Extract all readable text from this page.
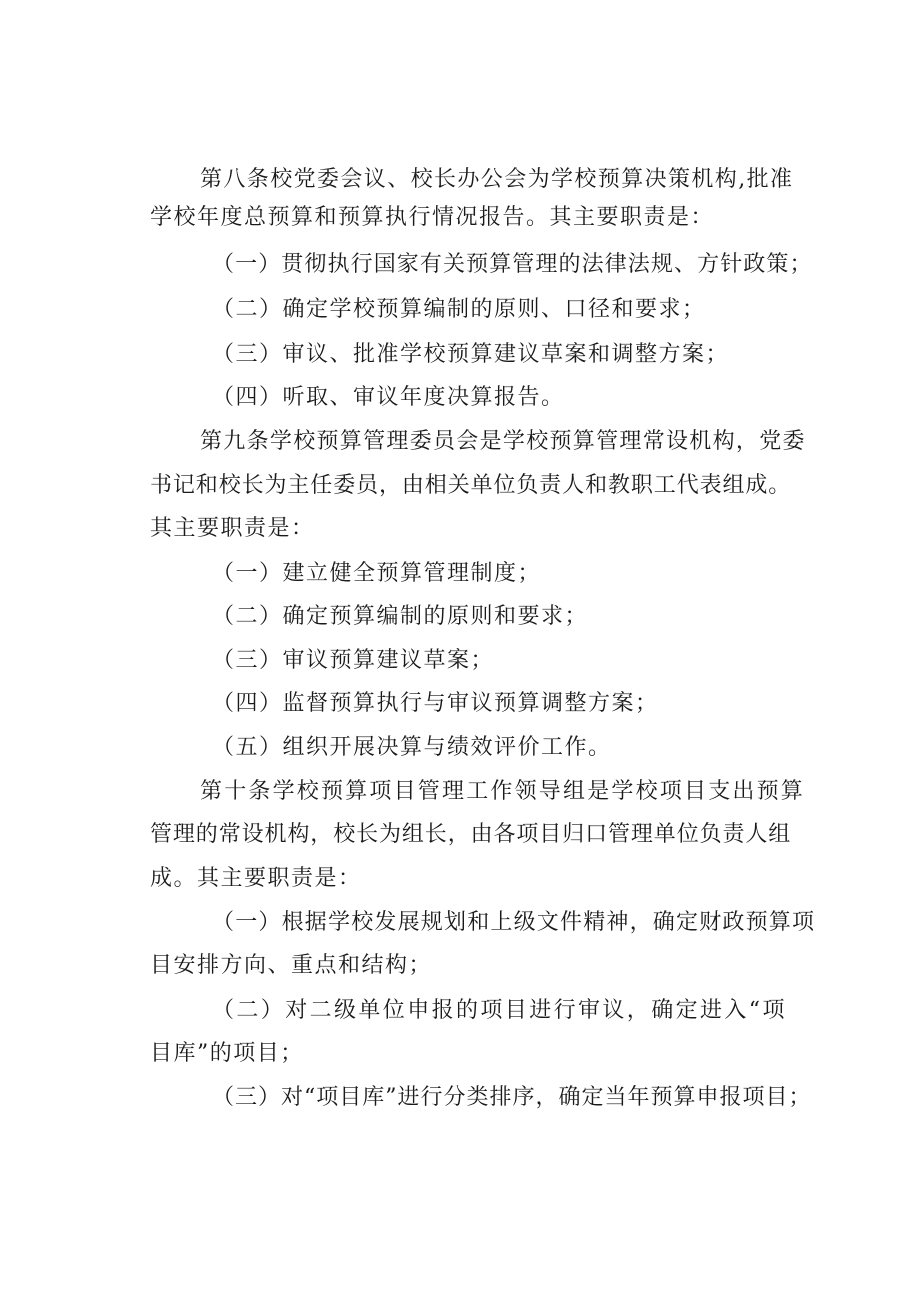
第八条校党委会议、校长办公会为学校预算决策机构,批准

学校年度总预算和预算执行情况报告。其主要职责是：

（一）贯彻执行国家有关预算管理的法律法规、方针政策；

（二）确定学校预算编制的原则、口径和要求；

（三）审议、批准学校预算建议草案和调整方案；

（四）听取、审议年度决算报告。

第九条学校预算管理委员会是学校预算管理常设机构，党委

书记和校长为主任委员，由相关单位负责人和教职工代表组成。

其主要职责是：

（一）建立健全预算管理制度；

（二）确定预算编制的原则和要求；

（三）审议预算建议草案；

（四）监督预算执行与审议预算调整方案；

（五）组织开展决算与绩效评价工作。

第十条学校预算项目管理工作领导组是学校项目支出预算

管理的常设机构，校长为组长，由各项目归口管理单位负责人组

成。其主要职责是：

（一）根据学校发展规划和上级文件精神，确定财政预算项

目安排方向、重点和结构；

（二）对二级单位申报的项目进行审议，确定进入“项

目库”的项目；

（三）对“项目库”进行分类排序，确定当年预算申报项目；
